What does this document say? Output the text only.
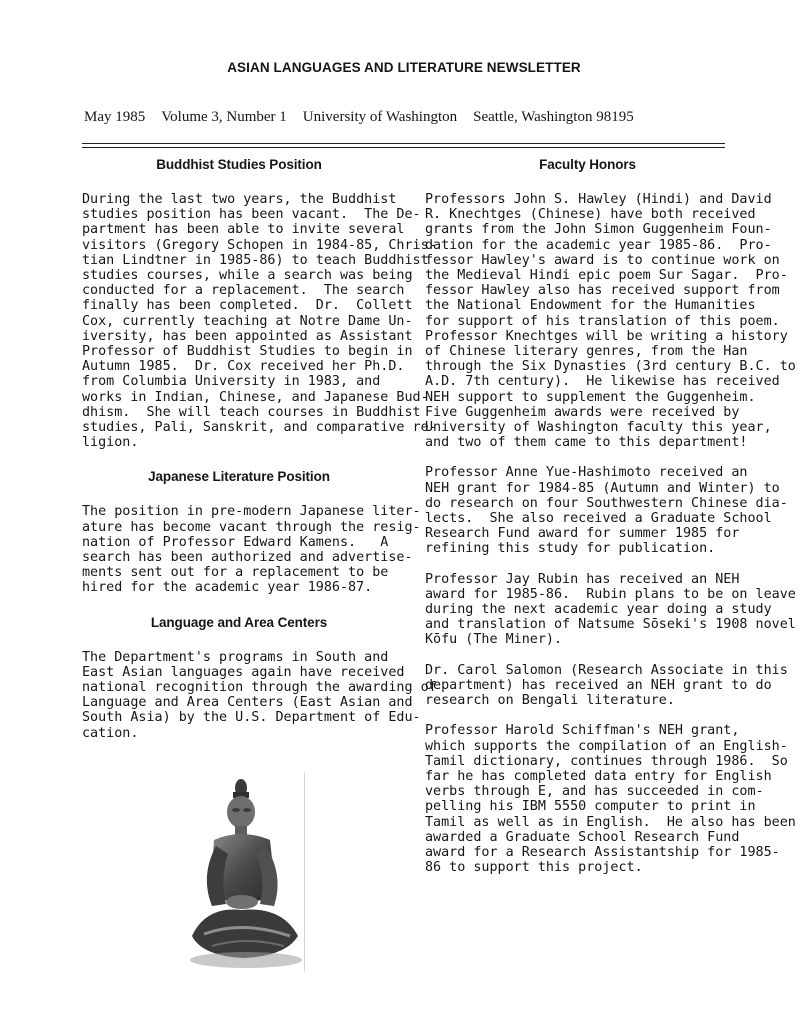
ASIAN LANGUAGES AND LITERATURE NEWSLETTER
May 1985 Volume 3, Number 1 University of Washington Seattle, Washington 98195
Buddhist Studies Position

During the last two years, the Buddhist
studies position has been vacant.  The De-
partment has been able to invite several
visitors (Gregory Schopen in 1984-85, Chris-
tian Lindtner in 1985-86) to teach Buddhist
studies courses, while a search was being
conducted for a replacement.  The search
finally has been completed.  Dr.  Collett
Cox, currently teaching at Notre Dame Un-
iversity, has been appointed as Assistant
Professor of Buddhist Studies to begin in
Autumn 1985.  Dr. Cox received her Ph.D.
from Columbia University in 1983, and
works in Indian, Chinese, and Japanese Bud-
dhism.  She will teach courses in Buddhist
studies, Pali, Sanskrit, and comparative re-
ligion.

Japanese Literature Position

The position in pre-modern Japanese liter-
ature has become vacant through the resig-
nation of Professor Edward Kamens.   A
search has been authorized and advertise-
ments sent out for a replacement to be
hired for the academic year 1986-87.

Language and Area Centers

The Department's programs in South and
East Asian languages again have received
national recognition through the awarding of
Language and Area Centers (East Asian and
South Asia) by the U.S. Department of Edu-
cation.

Faculty Honors

Professors John S. Hawley (Hindi) and David
R. Knechtges (Chinese) have both received
grants from the John Simon Guggenheim Foun-
dation for the academic year 1985-86.  Pro-
fessor Hawley's award is to continue work on
the Medieval Hindi epic poem Sur Sagar.  Pro-
fessor Hawley also has received support from
the National Endowment for the Humanities
for support of his translation of this poem.
Professor Knechtges will be writing a history
of Chinese literary genres, from the Han
through the Six Dynasties (3rd century B.C. to
A.D. 7th century).  He likewise has received
NEH support to supplement the Guggenheim.
Five Guggenheim awards were received by
University of Washington faculty this year,
and two of them came to this department!

Professor Anne Yue-Hashimoto received an
NEH grant for 1984-85 (Autumn and Winter) to
do research on four Southwestern Chinese dia-
lects.  She also received a Graduate School
Research Fund award for summer 1985 for
refining this study for publication.

Professor Jay Rubin has received an NEH
award for 1985-86.  Rubin plans to be on leave
during the next academic year doing a study
and translation of Natsume Sōseki's 1908 novel
Kōfu (The Miner).

Dr. Carol Salomon (Research Associate in this
department) has received an NEH grant to do
research on Bengali literature.

Professor Harold Schiffman's NEH grant,
which supports the compilation of an English-
Tamil dictionary, continues through 1986.  So
far he has completed data entry for English
verbs through E, and has succeeded in com-
pelling his IBM 5550 computer to print in
Tamil as well as in English.  He also has been
awarded a Graduate School Research Fund
award for a Research Assistantship for 1985-
86 to support this project.
